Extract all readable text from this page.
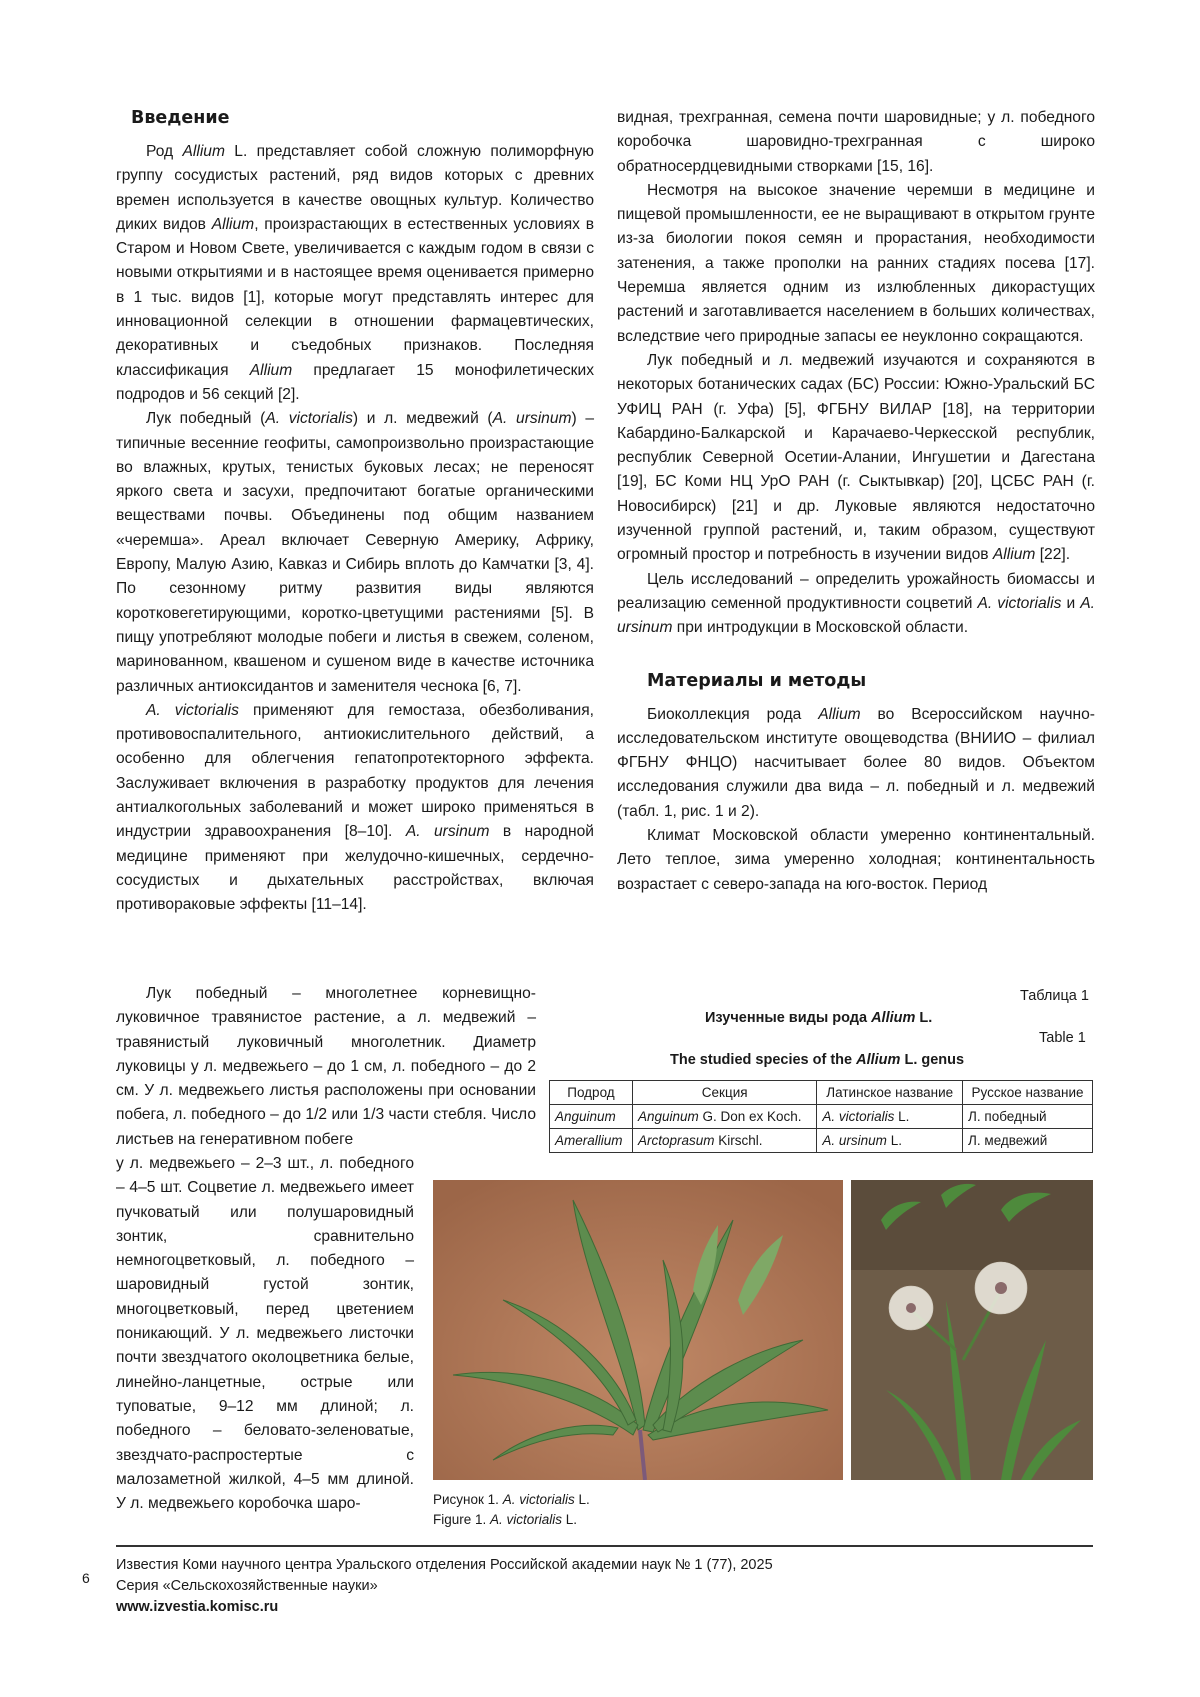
Введение

Род Allium L. представляет собой сложную полиморфную группу сосудистых растений, ряд видов которых с древних времен используется в качестве овощных культур. Количество диких видов Allium, произрастающих в естественных условиях в Старом и Новом Свете, увеличивается с каждым годом в связи с новыми открытиями и в настоящее время оценивается примерно в 1 тыс. видов [1], которые могут представлять интерес для инновационной селекции в отношении фармацевтических, декоративных и съедобных признаков. Последняя классификация Allium предлагает 15 монофилетических подродов и 56 секций [2].

Лук победный (A. victorialis) и л. медвежий (A. ursinum) – типичные весенние геофиты, самопроизвольно произрастающие во влажных, крутых, тенистых буковых лесах; не переносят яркого света и засухи, предпочитают богатые органическими веществами почвы. Объединены под общим названием «черемша». Ареал включает Северную Америку, Африку, Европу, Малую Азию, Кавказ и Сибирь вплоть до Камчатки [3, 4]. По сезонному ритму развития виды являются коротковегетирующими, коротко-цветущими растениями [5]. В пищу употребляют молодые побеги и листья в свежем, соленом, маринованном, квашеном и сушеном виде в качестве источника различных антиоксидантов и заменителя чеснока [6, 7].

A. victorialis применяют для гемостаза, обезболивания, противовоспалительного, антиокислительного действий, а особенно для облегчения гепатопротекторного эффекта. Заслуживает включения в разработку продуктов для лечения антиалкогольных заболеваний и может широко применяться в индустрии здравоохранения [8–10]. A. ursinum в народной медицине применяют при желудочно-кишечных, сердечно-сосудистых и дыхательных расстройствах, включая противораковые эффекты [11–14].

Лук победный – многолетнее корневищно-луковичное травянистое растение, а л. медвежий – травянистый луковичный многолетник. Диаметр луковицы у л. медвежьего – до 1 см, л. победного – до 2 см. У л. медвежьего листья расположены при основании побега, л. победного – до 1/2 или 1/3 части стебля. Число листьев на генеративном побеге

у л. медвежьего – 2–3 шт., л. победного – 4–5 шт. Соцветие л. медвежьего имеет пучковатый или полушаровидный зонтик, сравнительно немногоцветковый, л. победного – шаровидный густой зонтик, многоцветковый, перед цветением поникающий. У л. медвежьего листочки почти звездчатого околоцветника белые, линейно-ланцетные, острые или туповатые, 9–12 мм длиной; л. победного – беловато-зеленоватые, звездчато-распростертые с малозаметной жилкой, 4–5 мм длиной. У л. медвежьего коробочка шаро-

видная, трехгранная, семена почти шаровидные; у л. победного коробочка шаровидно-трехгранная с широко обратносердцевидными створками [15, 16].

Несмотря на высокое значение черемши в медицине и пищевой промышленности, ее не выращивают в открытом грунте из-за биологии покоя семян и прорастания, необходимости затенения, а также прополки на ранних стадиях посева [17]. Черемша является одним из излюбленных дикорастущих растений и заготавливается населением в больших количествах, вследствие чего природные запасы ее неуклонно сокращаются.

Лук победный и л. медвежий изучаются и сохраняются в некоторых ботанических садах (БС) России: Южно-Уральский БС УФИЦ РАН (г. Уфа) [5], ФГБНУ ВИЛАР [18], на территории Кабардино-Балкарской и Карачаево-Черкесской республик, республик Северной Осетии-Алании, Ингушетии и Дагестана [19], БС Коми НЦ УрО РАН (г. Сыктывкар) [20], ЦСБС РАН (г. Новосибирск) [21] и др. Луковые являются недостаточно изученной группой растений, и, таким образом, существуют огромный простор и потребность в изучении видов Allium [22].

Цель исследований – определить урожайность биомассы и реализацию семенной продуктивности соцветий A. victorialis и A. ursinum при интродукции в Московской области.

Материалы и методы

Биоколлекция рода Allium во Всероссийском научно-исследовательском институте овощеводства (ВНИИО – филиал ФГБНУ ФНЦО) насчитывает более 80 видов. Объектом исследования служили два вида – л. победный и л. медвежий (табл. 1, рис. 1 и 2).

Климат Московской области умеренно континентальный. Лето теплое, зима умеренно холодная; континентальность возрастает с северо-запада на юго-восток. Период

Таблица 1
Изученные виды рода Allium L.
Table 1
The studied species of the Allium L. genus
Подрод	Секция	Латинское название	Русское название
Anguinum	Anguinum G. Don ex Koch.	A. victorialis L.	Л. победный
Amerallium	Arctoprasum Kirschl.	A. ursinum L.	Л. медвежий
Рисунок 1. A. victorialis L.
Figure 1. A. victorialis L.
6
Известия Коми научного центра Уральского отделения Российской академии наук № 1 (77), 2025
Серия «Сельскохозяйственные науки»
www.izvestia.komisc.ru
